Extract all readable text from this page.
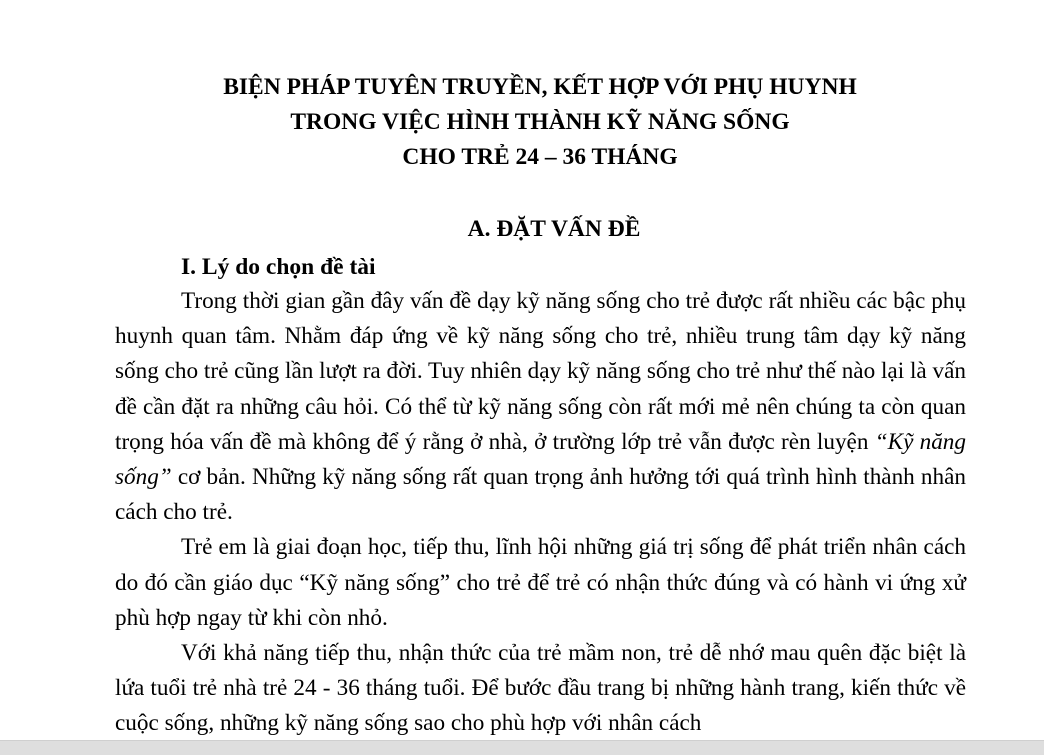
BIỆN PHÁP TUYÊN TRUYỀN, KẾT HỢP VỚI PHỤ HUYNH
TRONG VIỆC HÌNH THÀNH KỸ NĂNG SỐNG
CHO TRẺ 24 – 36 THÁNG
A. ĐẶT VẤN ĐỀ
I. Lý do chọn đề tài

Trong thời gian gần đây vấn đề dạy kỹ năng sống cho trẻ được rất nhiều các bậc phụ huynh quan tâm. Nhằm đáp ứng về kỹ năng sống cho trẻ, nhiều trung tâm dạy kỹ năng sống cho trẻ cũng lần lượt ra đời. Tuy nhiên dạy kỹ năng sống cho trẻ như thế nào lại là vấn đề cần đặt ra những câu hỏi. Có thể từ kỹ năng sống còn rất mới mẻ nên chúng ta còn quan trọng hóa vấn đề mà không để ý rằng ở nhà, ở trường lớp trẻ vẫn được rèn luyện “Kỹ năng sống” cơ bản. Những kỹ năng sống rất quan trọng ảnh hưởng tới quá trình hình thành nhân cách cho trẻ.

Trẻ em là giai đoạn học, tiếp thu, lĩnh hội những giá trị sống để phát triển nhân cách do đó cần giáo dục “Kỹ năng sống” cho trẻ để trẻ có nhận thức đúng và có hành vi ứng xử phù hợp ngay từ khi còn nhỏ.

Với khả năng tiếp thu, nhận thức của trẻ mầm non, trẻ dễ nhớ mau quên đặc biệt là lứa tuổi trẻ nhà trẻ 24 - 36 tháng tuổi. Để bước đầu trang bị những hành trang, kiến thức về cuộc sống, những kỹ năng sống sao cho phù hợp với nhân cách
